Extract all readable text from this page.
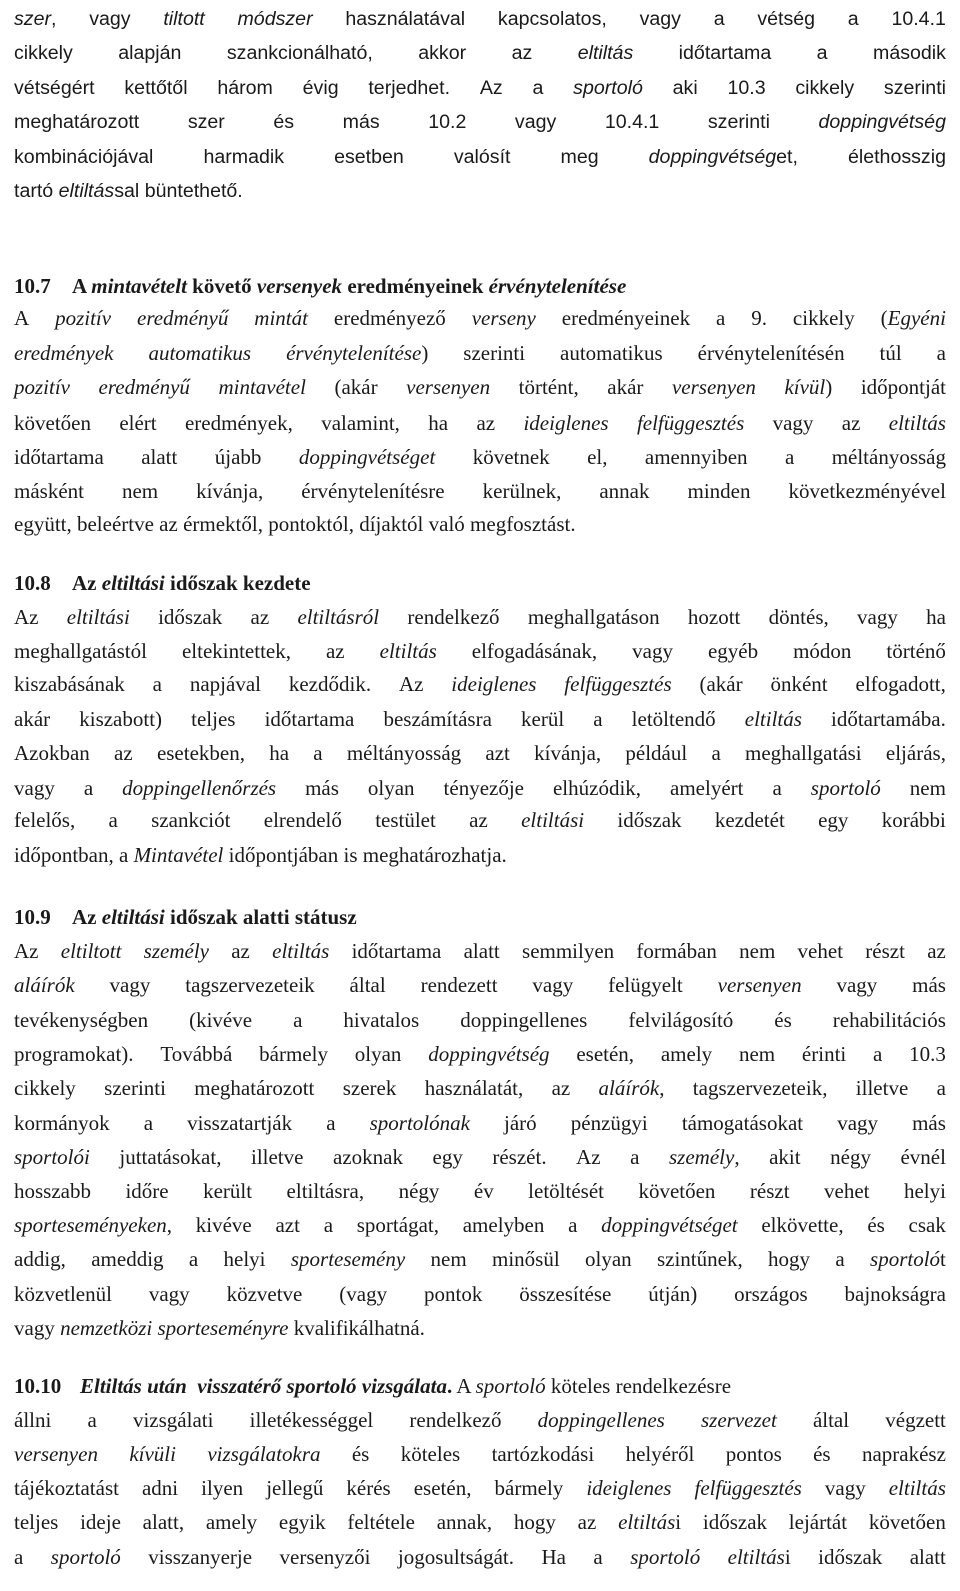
szer, vagy tiltott módszer használatával kapcsolatos, vagy a vétség a 10.4.1
cikkely alapján szankcionálható, akkor az eltiltás időtartama a második
vétségért kettőtől három évig terjedhet. Az a sportoló aki 10.3 cikkely szerinti
meghatározott szer és más 10.2 vagy 10.4.1 szerinti doppingvétség
kombinációjával	harmadik	esetben	valósít	meg	doppingvétséget,	élethosszig
tartó eltiltással büntethető.
10.7 A mintavételt követő versenyek eredményeinek érvénytelenítése
A pozitív eredményű mintát eredményező verseny eredményeinek a 9. cikkely (Egyéni
eredmények automatikus érvénytelenítése) szerinti automatikus érvénytelenítésén túl a
pozitív eredményű mintavétel (akár versenyen történt, akár versenyen kívül) időpontját
követően elért eredmények, valamint, ha az ideiglenes felfüggesztés vagy az eltiltás
időtartama alatt újabb doppingvétséget követnek el, amennyiben a méltányosság
másként nem kívánja, érvénytelenítésre kerülnek, annak minden következményével
együtt, beleértve az érmektől, pontoktól, díjaktól való megfosztást.
10.8 Az eltiltási időszak kezdete
Az eltiltási időszak az eltiltásról rendelkező meghallgatáson hozott döntés, vagy ha
meghallgatástól eltekintettek, az eltiltás elfogadásának, vagy egyéb módon történő
kiszabásának a napjával kezdődik. Az ideiglenes felfüggesztés (akár önként elfogadott,
akár kiszabott) teljes időtartama beszámításra kerül a letöltendő eltiltás időtartamába.
Azokban az esetekben, ha a méltányosság azt kívánja, például a meghallgatási eljárás,
vagy a doppingellenőrzés más olyan tényezője elhúzódik, amelyért a sportoló nem
felelős, a szankciót elrendelő testület az eltiltási időszak kezdetét egy korábbi
időpontban, a Mintavétel időpontjában is meghatározhatja.
10.9 Az eltiltási időszak alatti státusz
Az eltiltott személy az eltiltás időtartama alatt semmilyen formában nem vehet részt az
aláírók vagy tagszervezeteik által rendezett vagy felügyelt versenyen vagy más
tevékenységben (kivéve a hivatalos doppingellenes felvilágosító és rehabilitációs
programokat). Továbbá bármely olyan doppingvétség esetén, amely nem érinti a 10.3
cikkely szerinti meghatározott szerek használatát, az aláírók, tagszervezeteik, illetve a
kormányok a visszatartják a sportolónak járó pénzügyi támogatásokat vagy más
sportolói juttatásokat, illetve azoknak egy részét. Az a személy, akit négy évnél
hosszabb időre került eltiltásra, négy év letöltését követően részt vehet helyi
sporteseményeken, kivéve azt a sportágat, amelyben a doppingvétséget elkövette, és csak
addig, ameddig a helyi sportesemény nem minősül olyan szintűnek, hogy a sportolót
közvetlenül vagy közvetve (vagy pontok összesítése útján) országos bajnokságra
vagy nemzetközi sporteseményre kvalifikálhatná.
10.10 Eltiltás után  visszatérő sportoló vizsgálata. A sportoló köteles rendelkezésre
állni a vizsgálati illetékességgel rendelkező doppingellenes szervezet által végzett
versenyen kívüli vizsgálatokra és köteles tartózkodási helyéről pontos és naprakész
tájékoztatást adni ilyen jellegű kérés esetén, bármely ideiglenes felfüggesztés vagy eltiltás
teljes ideje alatt, amely egyik feltétele annak, hogy az eltiltási időszak lejártát követően
a sportoló visszanyerje versenyzői jogosultságát. Ha a sportoló eltiltási időszak alatt
